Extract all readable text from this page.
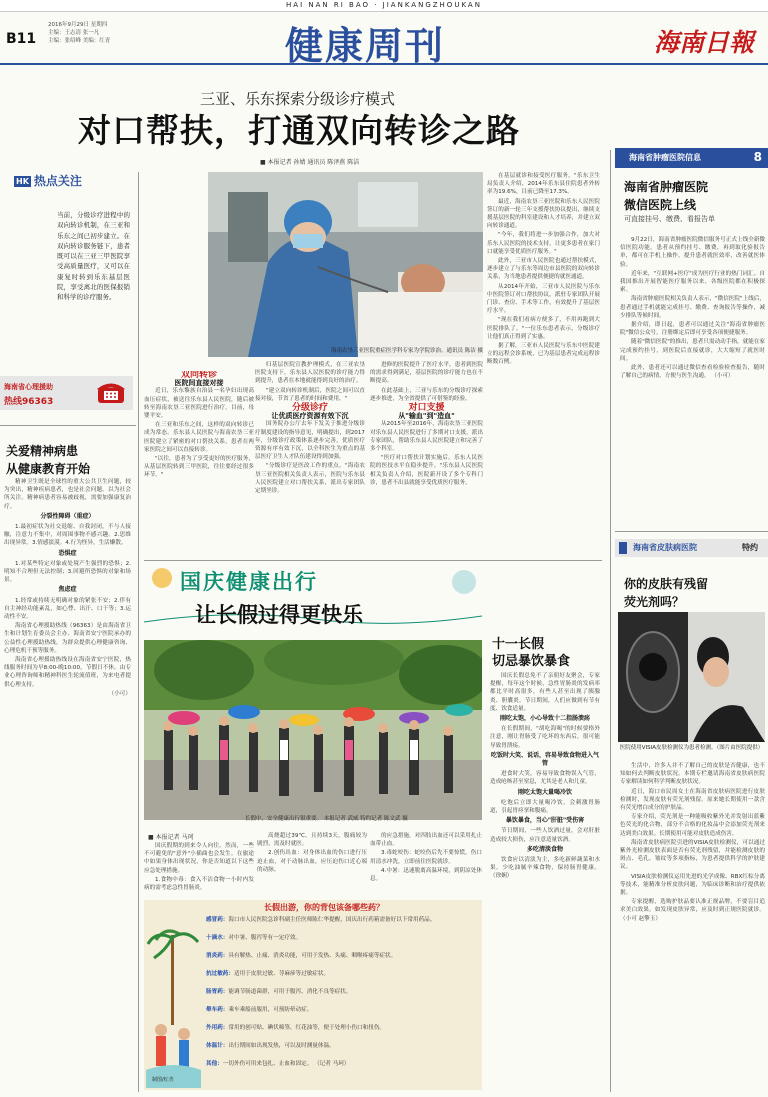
HAI NAN RI BAO · JIANKANGZHOUKAN
B11
2016年9月29日 星期四
主编：王志清 张一凡
主编：张绍峰 美编：红青	健康周刊	海南日報
三亚、乐东探索分级诊疗模式
对口帮扶，打通双向转诊之路
■ 本报记者 孙婧 通讯员 陈泽燕 陈洁
HK 热点关注
当前，分级诊疗进程中的双向转诊机制，在三亚和乐东之间已初步建立。在双向转诊服务链下，患者既可以在三亚三甲医院享受高质量医疗，又可以在康复时转到乐东基层医院，享受离北的医保报销和科学的诊疗服务。
海南省心理援助
热线96363
关爱精神病患
从健康教育开始

精神卫生既是全球性的重大公共卫生问题，较为突出，精神疾病患者，也是社会问题。以为社会所关注。精神病患者容易被歧视，需要加强康复治疗。

分裂性障碍（重症）

1.最初症状为社交退缩、自我封闭，不与人接触，注意力不集中，对周围事物不感兴趣。2.思维出现异常。3.情感淡漠。4.行为怪异，生活懒散。

恐惧症

1.对某些特定对象或处境产生强烈的恐惧；2.明知不合理但无法控制；3.回避所恐惧的对象和场景。

焦虑症

1.经常或持续无明确对象的紧张不安；2.伴有自主神经功能紊乱，如心悸、出汗、口干等；3.运动性不安。

海南省心理援助热线（96363）是由海南省卫生和计划生育委员会主办、海南省安宁医院承办的公益性心理援助热线，为群众提供心理健康咨询、心理危机干预等服务。

海南省心理援助热线设在海南省安宁医院，热线服务时间为早8:00-晚10:00，节假日不休。由专业心理咨询师和精神科医生轮流值班，为来电者提供心理支持。

（小可）

海南农垦三亚医院重症医学科专家为学院诊治。通讯员 陈洁 摄
双向转诊
医院间直接对接

近日，乐东黎族自治县一名孕妇出现高血压症状，被送往乐东县人民医院，随后被转至海南农垦三亚医院进行治疗。目前，母婴平安。

在三亚和乐东之间，这样的双向转诊已成为常态。乐东县人民医院与海南农垦三亚医院建立了紧密的对口帮扶关系，患者在两家医院之间可以直接转诊。

"以往，患者为了享受更好的医疗服务，从基层医院转到三甲医院，往往要经过很多环节。"

归基层医院宣教护理模式，在三亚农垦医院支持下，乐东县人民医院的诊疗能力得到提升，患者在本地就能得到良好的治疗。

"建立双向转诊机制后，医院之间可以直接对接，节省了患者的时间和费用。"

分级诊疗
让优质医疗资源有效下沉

国务院办公厅去年下发关于推进分级诊疗制度建设的指导意见，明确提出，到2017年，分级诊疗政策体系逐步完善，优质医疗资源有序有效下沉，以全科医生为重点的基层医疗卫生人才队伍建设得到加强。

"分级诊疗是医改工作的重点。"海南农垦三亚医院相关负责人表示，医院与乐东县人民医院建立对口帮扶关系，派出专家团队定期坐诊。

进修的医院提升了医疗水平，患者到医院的需求得到满足，基层医院的诊疗能力也在不断提高。

在此基础上，三亚与乐东的分级诊疗探索逐步推进，为全省提供了可借鉴的经验。

对口支援
从"输血"到"造血"

从2015年至2016年，海南农垦三亚医院对乐东县人民医院进行了多期对口支援，派出专家团队，帮助乐东县人民医院建立和完善了多个科室。

"医疗对口帮扶计划实施后，乐东人民医院的医技水平在稳步提升。"乐东县人民医院相关负责人介绍，医院新开设了多个专科门诊，患者不出县就能享受优质医疗服务。

在基层就诊和接受医疗服务，"乐东卫生局负责人介绍，2014年乐东县住院患者外转率为19.6%，目前已降至17.3%。

最近，海南农垦三亚医院和乐东人民医院签订的新一轮三年支援帮扶协议提出，继续支援基层医院的科室建设和人才培养，并建立双向转诊通道。

"今年，我们将进一步加强合作，加大对乐东人民医院的技术支持，让更多患者在家门口就能享受优质医疗服务。"

此外，三亚市人民医院也通过帮扶模式，逐步建立了与乐东等周边市县医院的双向转诊关系，为当地患者提供便捷的就医通道。

从2014年开始，三亚市人民医院与乐东中医院签订对口帮扶协议，派驻专家团队开展门诊、查房、手术等工作，有效提升了基层医疗水平。

"现在我们看病方便多了，不用再跑到大医院排队了。"一位乐东患者表示，分级诊疗让他们真正得到了实惠。

据了解，三亚市人民医院与乐东中医院建立的远程会诊系统，已为基层患者完成远程诊断数百例。

国庆健康出行
让长假过得更快乐
长假中，安全健康出行很重要。 本报记者 武威 特约记者 陈文武 摄
■ 本报记者 马珂

国庆假期的到来令人向往。然而，一些不可避免的"意外"小插曲也会发生。在旅途中如果身体出现状况，你是否知道以下这些应急处理措施。

1.食物中毒：食入不洁食物一小时内发病的需考虑急性胃肠炎。

高烧超过39℃，且持续3天，腹痛较为剧烈，需及时就医。

2.创伤出血：对身体出血的伤口进行压迫止血，对于动脉出血，应压迫伤口近心端的动脉。

的应急措施，对四肢出血还可以采用扎止血带止血。

3.毒蛇咬伤：蛇咬伤后先不要惊慌，伤口用清水冲洗，立即前往医院就诊。

4.中暑：迅速脱离高温环境，到阴凉处休息。

长假出游，你的背包该备哪些药？
感冒药：海口市人民医院急诊科副主任医师陈仁华提醒，国庆出行药箱需备好以下常用药品。
十滴水：对中暑、腹泻等有一定疗效。
消炎药：具有解热、止痛、消炎功能，可用于发热、头痛、咽喉疼痛等症状。
抗过敏药：适用于皮肤过敏、荨麻疹等过敏症状。
肠胃药：能调节肠道菌群，可用于腹泻、消化不良等症状。
晕车药：乘车乘船前服用，可预防晕动症。
外用药：常用的创可贴、碘伏棉签、红花油等，便于处理小伤口和扭伤。
体温计：出行期间如出现发热，可以及时测量体温。
其他：一切外伤可用来包扎、止血和固定。 （记者 马珂）
制图/红青
十一长假
切忌暴饮暴食

国庆长假总免不了亲朋好友聚会，专家提醒，每年这个时候，急性胃肠炎的发病率都比平时高很多，有些人甚至出现了胰腺炎、胆囊炎。节日期间，人们应做到有节有度、饮食适量。

刚吃太饱，小心导致十二指肠溃疡

在长假期间，"胡吃海喝"的时候要格外注意，刚让胃肠受了吃坏的东西后，很可能导致胃溃疡。

吃饭时大笑、说话，容易导致食物进入气管

进食时大笑，容易导致食物误入气管，造成呛咳甚至窒息，尤其是老人和儿童。

刚吃太饱大量喝冷饮

吃饱后立即大量喝冷饮，会刺激胃肠道，引起胃痉挛和腹痛。

暴饮暴食，当心"肝脏"受伤害

节日期间，一些人饮酒过量，会对肝脏造成较大损伤，应注意适量饮酒。

多吃清淡食物

饮食应以清淡为主，多吃新鲜蔬菜和水果，少吃油腻辛辣食物，保持肠胃健康。 （徐娴）

海南省肿瘤医院信息	8
海南省肿瘤医院
微信医院上线
可直接挂号、缴费、看报告单

9月22日，海南省肿瘤医院微信服务号正式上线全新微信医院功能。患者从预约挂号、缴费，再到取化验报告单，都可在手机上操作，提升患者就医效率，改善就医体验。

近年来，"互联网+医疗"成为医疗行业的热门词汇。自我国推出开展智能医疗服务以来，各级医院都在积极探索。

海南省肿瘤医院相关负责人表示，"微信医院"上线后，患者通过手机就能完成挂号、缴费、查询报告等操作，减少排队等候时间。

据介绍，即日起，患者可以通过关注"海南省肿瘤医院"微信公众号，注册绑定后即可享受各项便捷服务。

随着"微信医院"的推出，患者只需动动手指，就能在家完成预约挂号，到医院后直接就诊，大大缩短了就医时间。

此外，患者还可以通过微信查看检验检查报告，随时了解自己的病情，方便与医生沟通。 （小可）

海南省皮肤病医院	特约
你的皮肤有残留
荧光剂吗？
医院使用VISIA皮肤检测仪为患者检测。（图片由医院提供）

生活中，许多人并不了解自己的皮肤是否健康，也不知如何去判断皮肤状况。本期专栏邀请海南省皮肤病医院专家解读如何科学判断皮肤状况。

近日，海口市民周女士在海南省皮肤病医院进行皮肤检测时，发现皮肤有荧光剂残留。原来她长期使用一款含有荧光增白成分的护肤品。

专家介绍，荧光剂是一种能吸收紫外光并发射出蓝紫色荧光的化合物，部分不合格的化妆品中会添加荧光剂来达到美白效果。长期使用可能对皮肤造成伤害。

海南省皮肤病医院引进的VISIA皮肤检测仪，可以通过紫外光检测皮肤表面是否有荧光剂残留，并能检测皮肤的斑点、毛孔、皱纹等多项指标，为患者提供科学的护肤建议。

VISIA皮肤检测仪运用先进的光学成像、RBX红棕分离等技术，能精准分析皮肤问题，为临床诊断和治疗提供依据。

专家提醒，选购护肤品要认准正规品牌，不要盲目追求美白效果。如发现皮肤异常，应及时到正规医院就诊。 （小可 赵擎玉）
